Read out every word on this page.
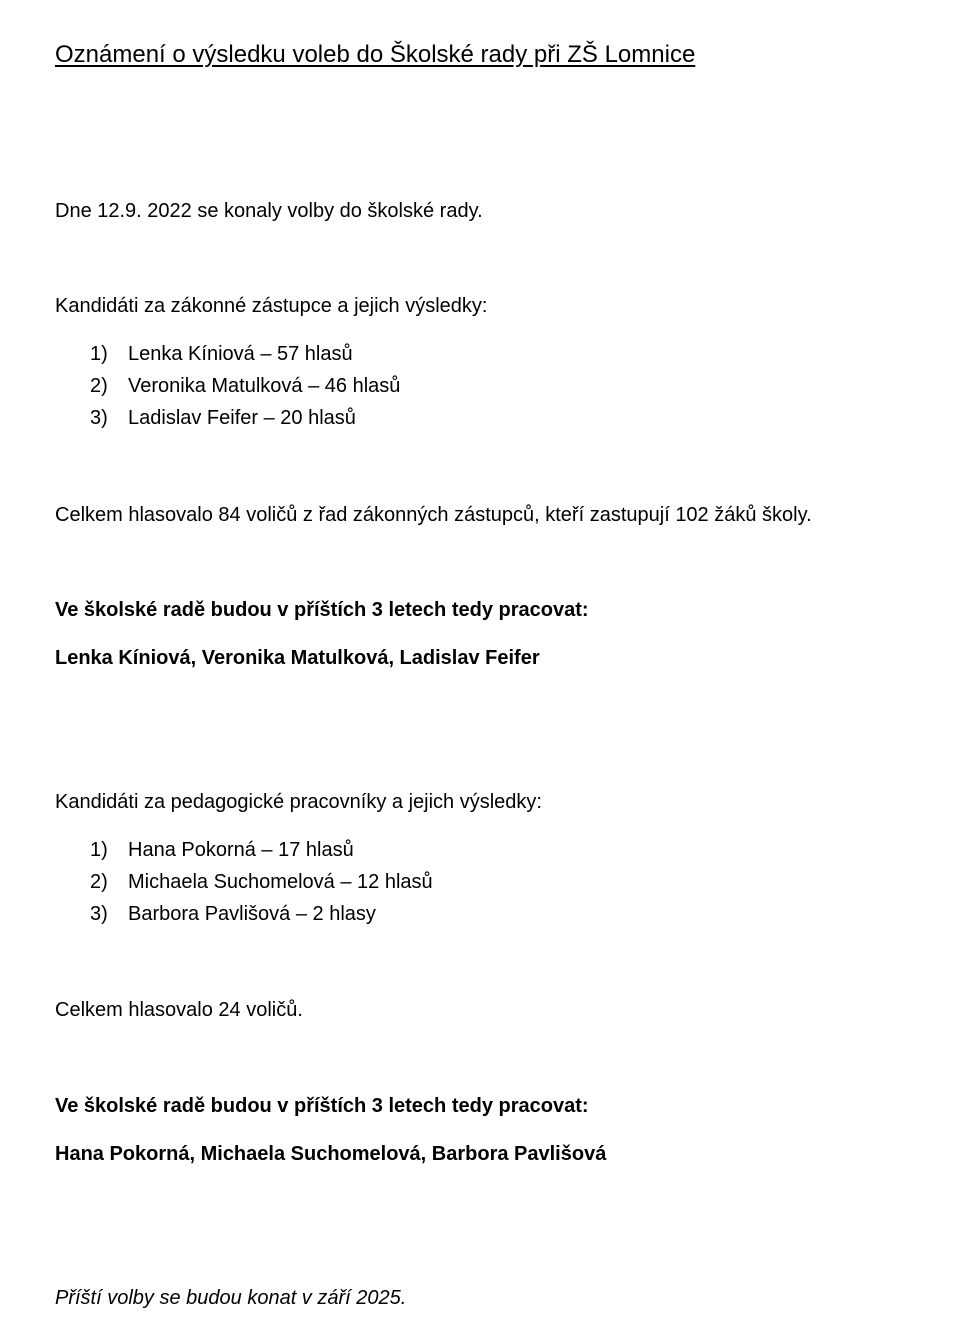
Oznámení o výsledku voleb do Školské rady při ZŠ Lomnice
Dne 12.9. 2022 se konaly volby do školské rady.
Kandidáti za zákonné zástupce a jejich výsledky:
1) Lenka Kíniová – 57 hlasů
2) Veronika Matulková – 46 hlasů
3) Ladislav Feifer – 20 hlasů
Celkem hlasovalo 84 voličů z řad zákonných zástupců, kteří zastupují 102 žáků školy.
Ve školské radě budou v příštích 3 letech tedy pracovat:
Lenka Kíniová, Veronika Matulková, Ladislav Feifer
Kandidáti za pedagogické pracovníky a jejich výsledky:
1) Hana Pokorná – 17 hlasů
2) Michaela Suchomelová – 12 hlasů
3) Barbora Pavlišová – 2 hlasy
Celkem hlasovalo 24 voličů.
Ve školské radě budou v příštích 3 letech tedy pracovat:
Hana Pokorná, Michaela Suchomelová, Barbora Pavlišová
Příští volby se budou konat v září 2025.
